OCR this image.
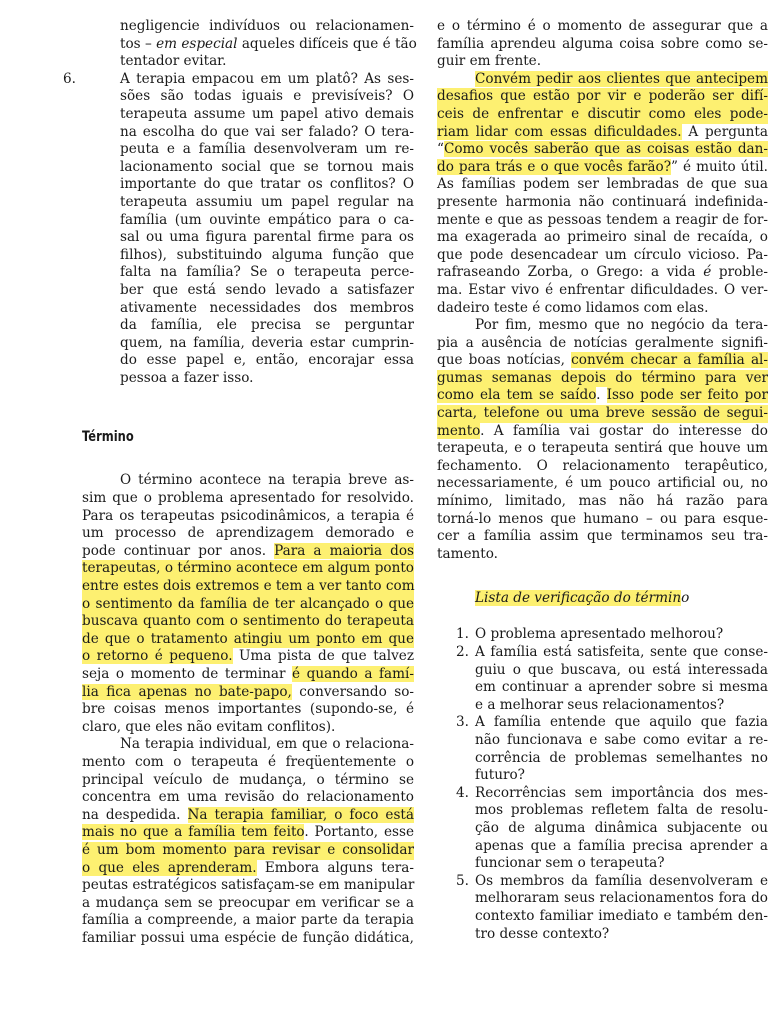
negligencie indivíduos ou relacionamen-
tos – em especial aqueles difíceis que é tão
tentador evitar.
6.	A terapia empacou em um platô? As ses-
sões são todas iguais e previsíveis? O
terapeuta assume um papel ativo demais
na escolha do que vai ser falado? O tera-
peuta e a família desenvolveram um re-
lacionamento social que se tornou mais
importante do que tratar os conflitos? O
terapeuta assumiu um papel regular na
família (um ouvinte empático para o ca-
sal ou uma figura parental firme para os
filhos), substituindo alguma função que
falta na família? Se o terapeuta perce-
ber que está sendo levado a satisfazer
ativamente necessidades dos membros
da família, ele precisa se perguntar
quem, na família, deveria estar cumprin-
do esse papel e, então, encorajar essa
pessoa a fazer isso.
Término
O término acontece na terapia breve as-
sim que o problema apresentado for resolvido.
Para os terapeutas psicodinâmicos, a terapia é
um processo de aprendizagem demorado e
pode continuar por anos. Para a maioria dos
terapeutas, o término acontece em algum ponto
entre estes dois extremos e tem a ver tanto com
o sentimento da família de ter alcançado o que
buscava quanto com o sentimento do terapeuta
de que o tratamento atingiu um ponto em que
o retorno é pequeno. Uma pista de que talvez
seja o momento de terminar é quando a famí-
lia fica apenas no bate-papo, conversando so-
bre coisas menos importantes (supondo-se, é
claro, que eles não evitam conflitos).
Na terapia individual, em que o relaciona-
mento com o terapeuta é freqüentemente o
principal veículo de mudança, o término se
concentra em uma revisão do relacionamento
na despedida. Na terapia familiar, o foco está
mais no que a família tem feito. Portanto, esse
é um bom momento para revisar e consolidar
o que eles aprenderam. Embora alguns tera-
peutas estratégicos satisfaçam-se em manipular
a mudança sem se preocupar em verificar se a
família a compreende, a maior parte da terapia
familiar possui uma espécie de função didática,
e o término é o momento de assegurar que a
família aprendeu alguma coisa sobre como se-
guir em frente.
Convém pedir aos clientes que antecipem
desafios que estão por vir e poderão ser difí-
ceis de enfrentar e discutir como eles pode-
riam lidar com essas dificuldades. A pergunta
“Como vocês saberão que as coisas estão dan-
do para trás e o que vocês farão?” é muito útil.
As famílias podem ser lembradas de que sua
presente harmonia não continuará indefinida-
mente e que as pessoas tendem a reagir de for-
ma exagerada ao primeiro sinal de recaída, o
que pode desencadear um círculo vicioso. Pa-
rafraseando Zorba, o Grego: a vida é proble-
ma. Estar vivo é enfrentar dificuldades. O ver-
dadeiro teste é como lidamos com elas.
Por fim, mesmo que no negócio da tera-
pia a ausência de notícias geralmente signifi-
que boas notícias, convém checar a família al-
gumas semanas depois do término para ver
como ela tem se saído. Isso pode ser feito por
carta, telefone ou uma breve sessão de segui-
mento. A família vai gostar do interesse do
terapeuta, e o terapeuta sentirá que houve um
fechamento. O relacionamento terapêutico,
necessariamente, é um pouco artificial ou, no
mínimo, limitado, mas não há razão para
torná-lo menos que humano – ou para esque-
cer a família assim que terminamos seu tra-
tamento.
Lista de verificação do término
1. O problema apresentado melhorou?
2. A família está satisfeita, sente que conse-
guiu o que buscava, ou está interessada
em continuar a aprender sobre si mesma
e a melhorar seus relacionamentos?
3. A família entende que aquilo que fazia
não funcionava e sabe como evitar a re-
corrência de problemas semelhantes no
futuro?
4. Recorrências sem importância dos mes-
mos problemas refletem falta de resolu-
ção de alguma dinâmica subjacente ou
apenas que a família precisa aprender a
funcionar sem o terapeuta?
5. Os membros da família desenvolveram e
melhoraram seus relacionamentos fora do
contexto familiar imediato e também den-
tro desse contexto?
